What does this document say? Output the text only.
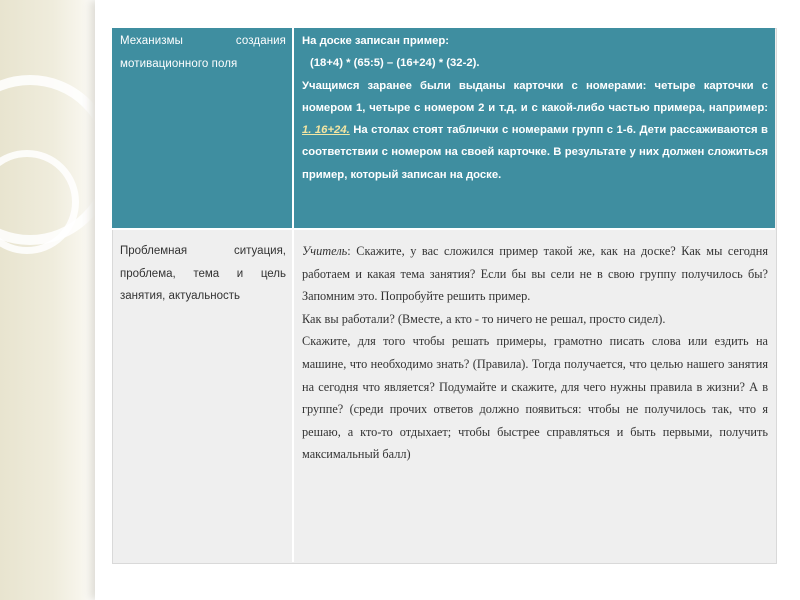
Механизмы создания мотивационного поля

На доске записан пример:

(18+4) * (65:5) – (16+24) * (32-2).

Учащимся заранее были выданы карточки с номерами: четыре карточки с номером 1, четыре с номером 2 и т.д. и с какой-либо частью примера, например: 1. 16+24. На столах стоят таблички с номерами групп с 1-6. Дети рассаживаются в соответствии с номером на своей карточке. В результате у них должен сложиться пример, который записан на доске.

Проблемная ситуация, проблема, тема и цель занятия, актуальность

Учитель: Скажите, у вас сложился пример такой же, как на доске? Как мы сегодня работаем и какая тема занятия? Если бы вы сели не в свою группу получилось бы? Запомним это. Попробуйте решить пример.

Как вы работали? (Вместе, а кто - то ничего не решал, просто сидел).

Скажите, для того чтобы решать примеры, грамотно писать слова или ездить на машине, что необходимо знать? (Правила). Тогда получается, что целью нашего занятия на сегодня что является? Подумайте и скажите, для чего нужны правила в жизни? А в группе? (среди прочих ответов должно появиться: чтобы не получилось так, что я решаю, а кто-то отдыхает; чтобы быстрее справляться и быть первыми, получить максимальный балл)
